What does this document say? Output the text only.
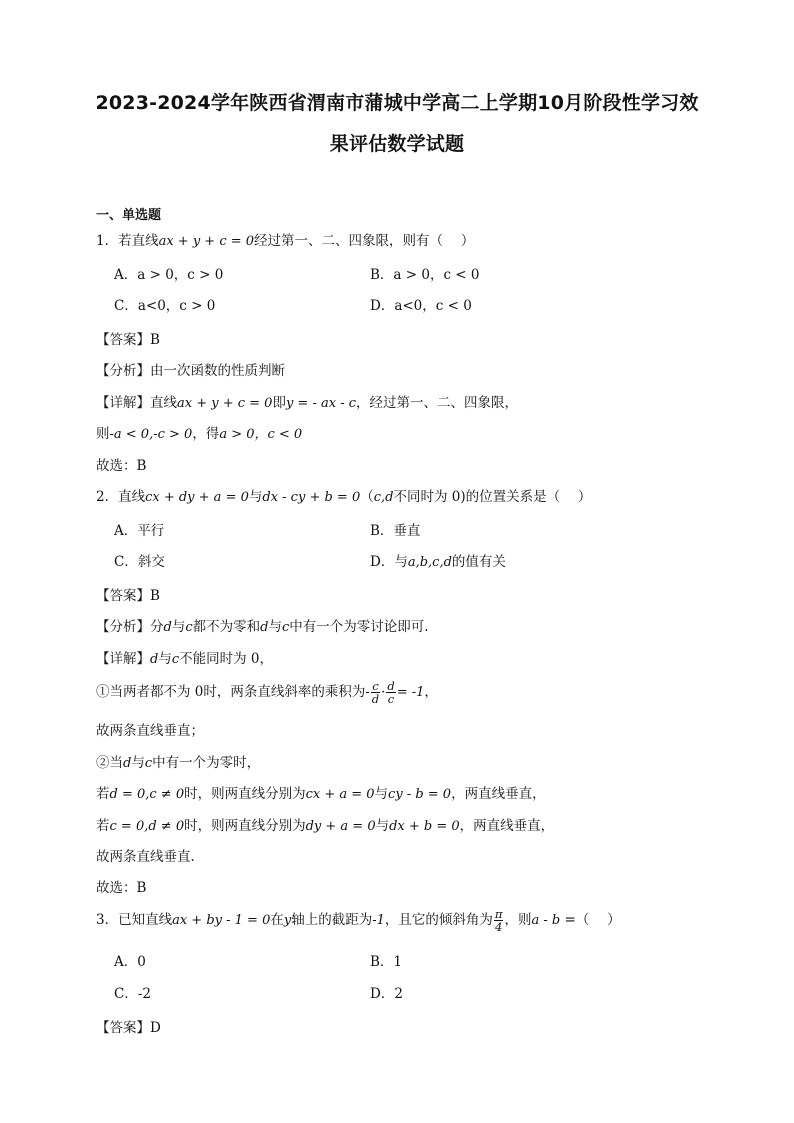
2023-2024学年陕西省渭南市蒲城中学高二上学期10月阶段性学习效
果评估数学试题
一、单选题
1．若直线ax + y + c = 0经过第一、二、四象限，则有（　 ）
A．a > 0，c > 0	B．a > 0，c < 0
C．a<0，c > 0	D．a<0，c < 0
【答案】B
【分析】由一次函数的性质判断
【详解】直线ax + y + c = 0即y = - ax - c，经过第一、二、四象限，
则-a < 0,-c > 0，得a > 0，c < 0
故选：B
2．直线cx + dy + a = 0与dx - cy + b = 0（c,d不同时为 0)的位置关系是（　 ）
A．平行	B．垂直
C．斜交	D．与a,b,c,d的值有关
【答案】B
【分析】分d与c都不为零和d与c中有一个为零讨论即可.
【详解】d与c不能同时为 0，
①当两者都不为 0时，两条直线斜率的乘积为- $\frac{c}{d} \cdot \frac{d}{c} = -1$，
故两条直线垂直；
②当d与c中有一个为零时，
若d = 0,c ≠ 0时，则两直线分别为cx + a = 0与cy - b = 0，两直线垂直，
若c = 0,d ≠ 0时，则两直线分别为dy + a = 0与dx + b = 0，两直线垂直，
故两条直线垂直.
故选：B
3．已知直线ax + by - 1 = 0在y轴上的截距为-1，且它的倾斜角为 $\frac{\pi}{4}$ ，则a - b =（　 ）
A．0	B．1
C．-2	D．2
【答案】D
